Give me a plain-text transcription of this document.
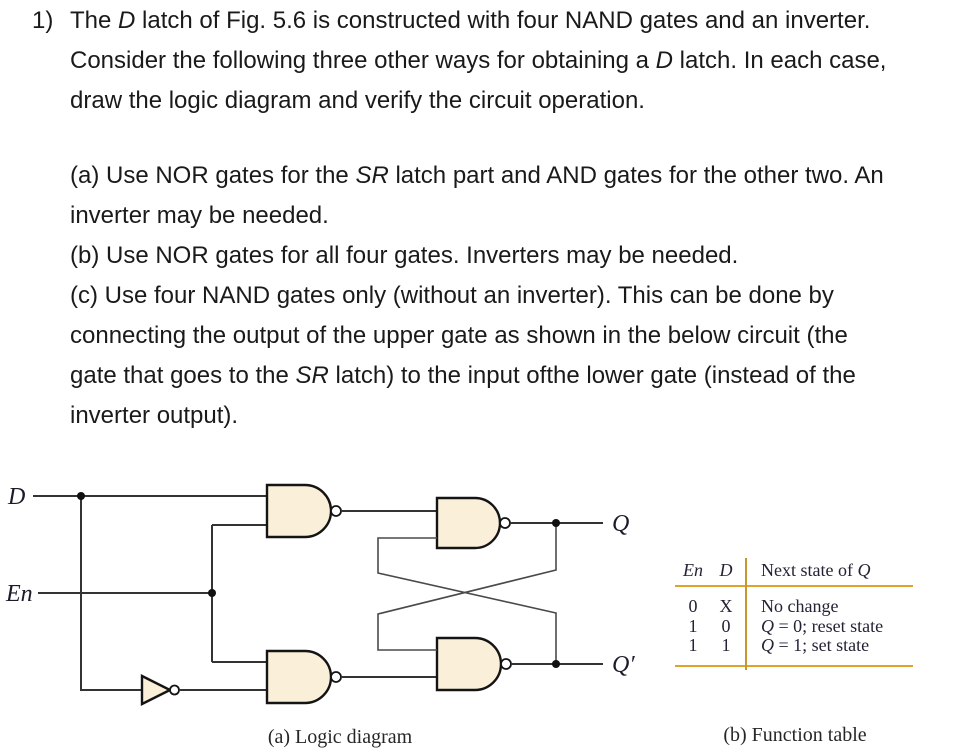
1) The D latch of Fig. 5.6 is constructed with four NAND gates and an inverter.
Consider the following three other ways for obtaining a D latch. In each case,
draw the logic diagram and verify the circuit operation.
(a) Use NOR gates for the SR latch part and AND gates for the other two. An
inverter may be needed.
(b) Use NOR gates for all four gates. Inverters may be needed.
(c) Use four NAND gates only (without an inverter). This can be done by
connecting the output of the upper gate as shown in the below circuit (the
gate that goes to the SR latch) to the input ofthe lower gate (instead of the
inverter output).
D
En
Q
Q′
(a) Logic diagram	(b) Function table
En D	Next state of Q
0	X	No change
1	0	Q = 0; reset state
1	1	Q = 1; set state
